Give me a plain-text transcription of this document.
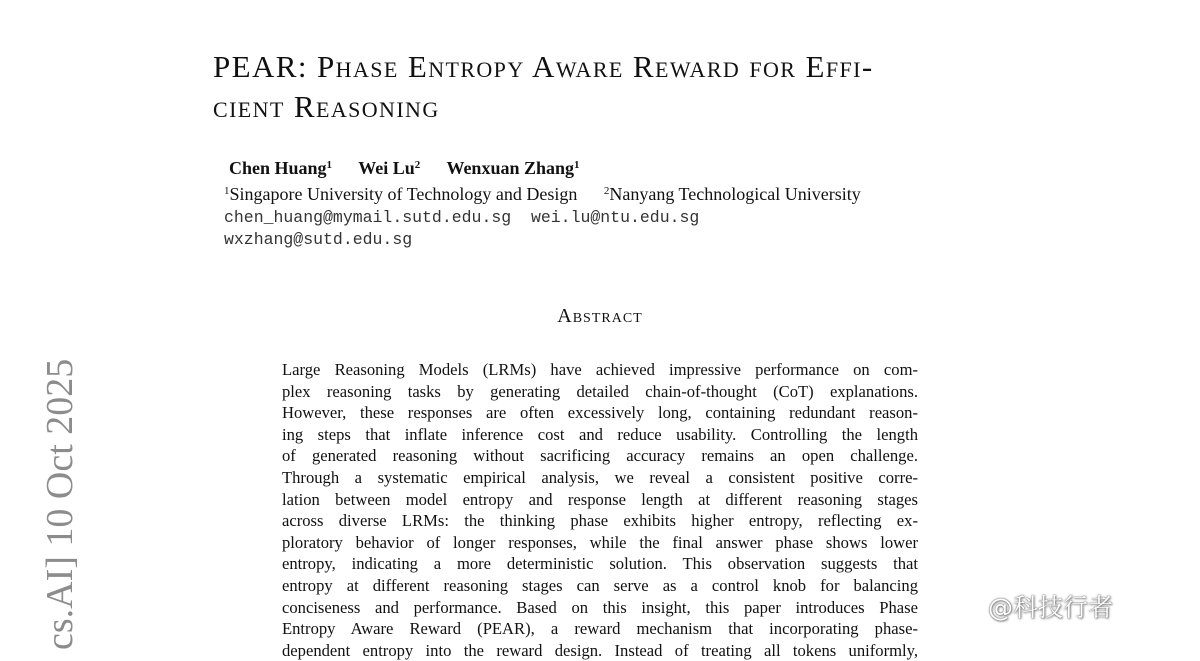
cs.AI] 10 Oct 2025
PEAR: Phase Entropy Aware Reward for Effi-
cient Reasoning
Chen Huang$^1$ Wei Lu$^2$ Wenxuan Zhang$^1$
$^1$Singapore University of Technology and Design $^2$Nanyang Technological University
chen_huang@mymail.sutd.edu.sg wei.lu@ntu.edu.sg
wxzhang@sutd.edu.sg
Abstract
Large Reasoning Models (LRMs) have achieved impressive performance on com-
plex reasoning tasks by generating detailed chain-of-thought (CoT) explanations.
However, these responses are often excessively long, containing redundant reason-
ing steps that inflate inference cost and reduce usability. Controlling the length
of generated reasoning without sacrificing accuracy remains an open challenge.
Through a systematic empirical analysis, we reveal a consistent positive corre-
lation between model entropy and response length at different reasoning stages
across diverse LRMs: the thinking phase exhibits higher entropy, reflecting ex-
ploratory behavior of longer responses, while the final answer phase shows lower
entropy, indicating a more deterministic solution. This observation suggests that
entropy at different reasoning stages can serve as a control knob for balancing
conciseness and performance. Based on this insight, this paper introduces Phase
Entropy Aware Reward (PEAR), a reward mechanism that incorporating phase-
dependent entropy into the reward design. Instead of treating all tokens uniformly,
@科技行者
